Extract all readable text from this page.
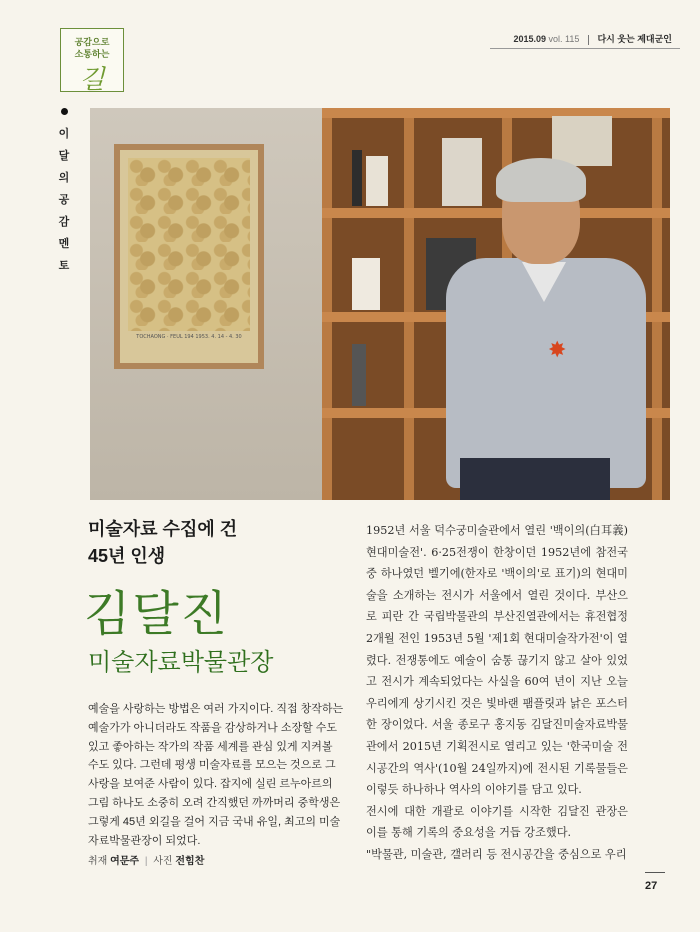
공감으로
소통하는
길
2015.09 vol. 115 다시 웃는 제대군인
이
달
의
공
감
멘
토
TOCHAONG · FEUL 194 1953. 4. 14 - 4. 30
✸
미술자료 수집에 건
45년 인생
김달진
미술자료박물관장

예술을 사랑하는 방법은 여러 가지이다. 직접 창작하는 예술가가 아니더라도 작품을 감상하거나 소장할 수도 있고 좋아하는 작가의 작품 세계를 관심 있게 지켜볼 수도 있다. 그런데 평생 미술자료를 모으는 것으로 그 사랑을 보여준 사람이 있다. 잡지에 실린 르누아르의 그림 하나도 소중히 오려 간직했던 까까머리 중학생은 그렇게 45년 외길을 걸어 지금 국내 유일, 최고의 미술자료박물관장이 되었다.

취재 여문주 | 사진 전힘찬

1952년 서울 덕수궁미술관에서 열린 '백이의(白耳義) 현대미술전'. 6·25전쟁이 한창이던 1952년에 참전국 중 하나였던 벨기에(한자로 '백이의'로 표기)의 현대미술을 소개하는 전시가 서울에서 열린 것이다. 부산으로 피란 간 국립박물관의 부산진열관에서는 휴전협정 2개월 전인 1953년 5월 '제1회 현대미술작가전'이 열렸다. 전쟁통에도 예술이 숨통 끊기지 않고 살아 있었고 전시가 계속되었다는 사실을 60여 년이 지난 오늘 우리에게 상기시킨 것은 빛바랜 팸플릿과 낡은 포스터 한 장이었다. 서울 종로구 홍지동 김달진미술자료박물관에서 2015년 기획전시로 열리고 있는 '한국미술 전시공간의 역사'(10월 24일까지)에 전시된 기록물들은 이렇듯 하나하나 역사의 이야기를 담고 있다.

전시에 대한 개괄로 이야기를 시작한 김달진 관장은 이를 통해 기록의 중요성을 거듭 강조했다.

"박물관, 미술관, 갤러리 등 전시공간을 중심으로 우리

27
